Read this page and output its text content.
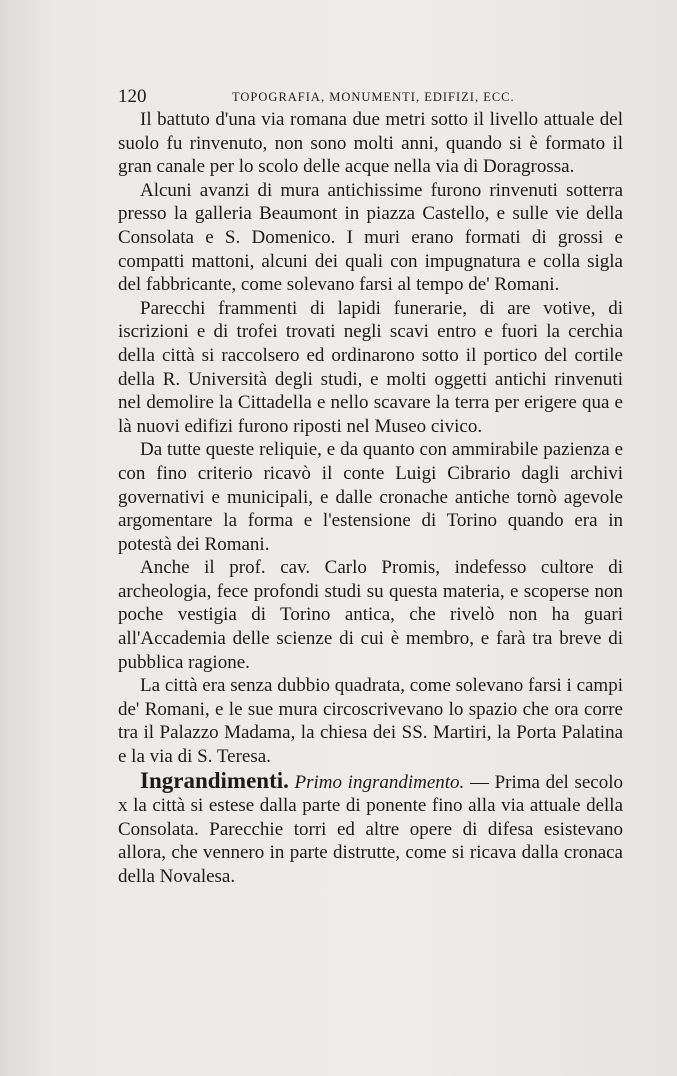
120	TOPOGRAFIA, MONUMENTI, EDIFIZI, ECC.

Il battuto d'una via romana due metri sotto il livello attuale del suolo fu rinvenuto, non sono molti anni, quando si è formato il gran canale per lo scolo delle acque nella via di Doragrossa.

Alcuni avanzi di mura antichissime furono rinvenuti sotterra presso la galleria Beaumont in piazza Castello, e sulle vie della Consolata e S. Domenico. I muri erano formati di grossi e compatti mattoni, alcuni dei quali con impugnatura e colla sigla del fabbricante, come solevano farsi al tempo de' Romani.

Parecchi frammenti di lapidi funerarie, di are votive, di iscrizioni e di trofei trovati negli scavi entro e fuori la cerchia della città si raccolsero ed ordinarono sotto il portico del cortile della R. Università degli studi, e molti oggetti antichi rinvenuti nel demolire la Cittadella e nello scavare la terra per erigere qua e là nuovi edifizi furono riposti nel Museo civico.

Da tutte queste reliquie, e da quanto con ammirabile pazienza e con fino criterio ricavò il conte Luigi Cibrario dagli archivi governativi e municipali, e dalle cronache antiche tornò agevole argomentare la forma e l'estensione di Torino quando era in potestà dei Romani.

Anche il prof. cav. Carlo Promis, indefesso cultore di archeologia, fece profondi studi su questa materia, e scoperse non poche vestigia di Torino antica, che rivelò non ha guari all'Accademia delle scienze di cui è membro, e farà tra breve di pubblica ragione.

La città era senza dubbio quadrata, come solevano farsi i campi de' Romani, e le sue mura circoscrivevano lo spazio che ora corre tra il Palazzo Madama, la chiesa dei SS. Martiri, la Porta Palatina e la via di S. Teresa.

Ingrandimenti. Primo ingrandimento. — Prima del secolo x la città si estese dalla parte di ponente fino alla via attuale della Consolata. Parecchie torri ed altre opere di difesa esistevano allora, che vennero in parte distrutte, come si ricava dalla cronaca della Novalesa.
